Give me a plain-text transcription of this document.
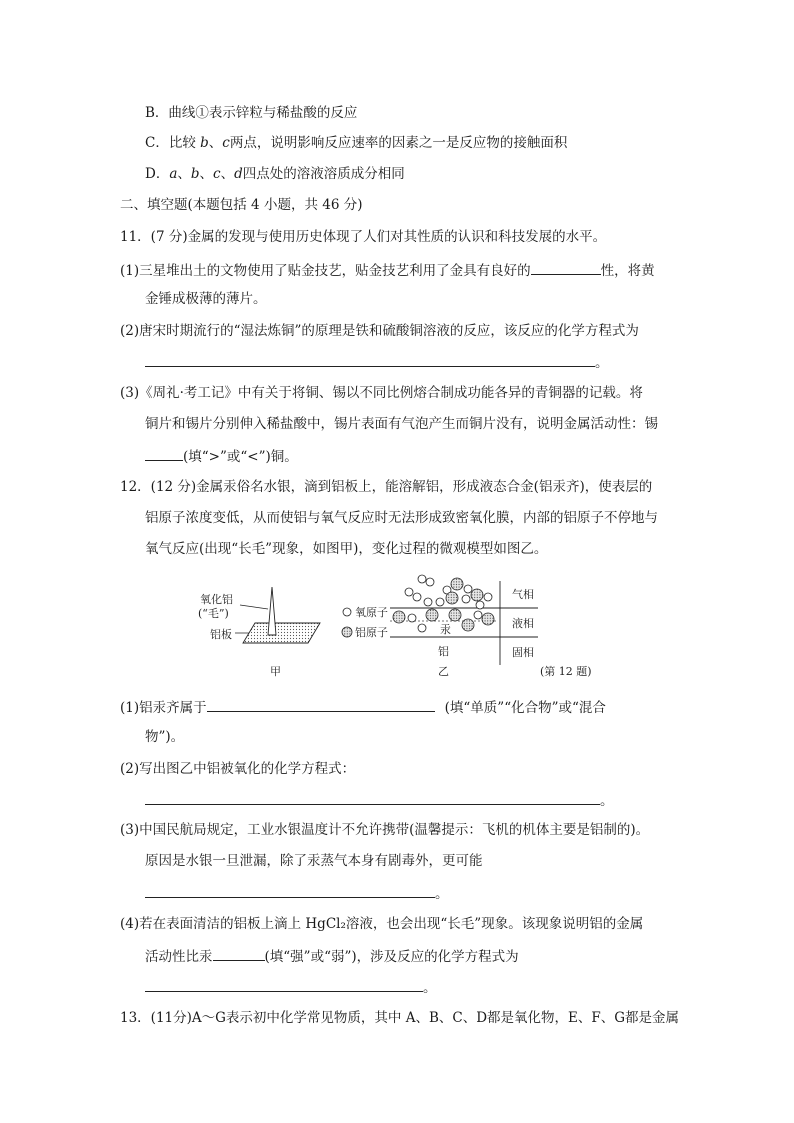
B．曲线①表示锌粒与稀盐酸的反应
C．比较 b、c两点，说明影响反应速率的因素之一是反应物的接触面积
D．a、b、c、d四点处的溶液溶质成分相同
二、填空题(本题包括 4 小题，共 46 分)
11．(7 分)金属的发现与使用历史体现了人们对其性质的认识和科技发展的水平。
(1)三星堆出土的文物使用了贴金技艺，贴金技艺利用了金具有良好的	性，将黄
金锤成极薄的薄片。
(2)唐宋时期流行的“湿法炼铜”的原理是铁和硫酸铜溶液的反应，该反应的化学方程式为
。
(3)《周礼·考工记》中有关于将铜、锡以不同比例熔合制成功能各异的青铜器的记载。将
铜片和锡片分别伸入稀盐酸中，锡片表面有气泡产生而铜片没有，说明金属活动性：锡
(填“>”或“<”)铜。
12．(12 分)金属汞俗名水银，滴到铝板上，能溶解铝，形成液态合金(铝汞齐)，使表层的
铝原子浓度变低，从而使铝与氧气反应时无法形成致密氧化膜，内部的铝原子不停地与
氧气反应(出现“长毛”现象，如图甲)，变化过程的微观模型如图乙。
氧化铝
(“毛”)
铝板
甲
氧原子
铝原子	汞
铝
气相
液相
固相
乙	(第 12 题)
(1)铝汞齐属于	(填“单质”“化合物”或“混合
物”)。
(2)写出图乙中铝被氧化的化学方程式：
。
(3)中国民航局规定，工业水银温度计不允许携带(温馨提示：飞机的机体主要是铝制的)。
原因是水银一旦泄漏，除了汞蒸气本身有剧毒外，更可能
。
(4)若在表面清洁的铝板上滴上 HgCl₂溶液，也会出现“长毛”现象。该现象说明铝的金属
活动性比汞	(填“强”或“弱”)，涉及反应的化学方程式为
。
13．(11分)A～G表示初中化学常见物质，其中 A、B、C、D都是氧化物，E、F、G都是金属
